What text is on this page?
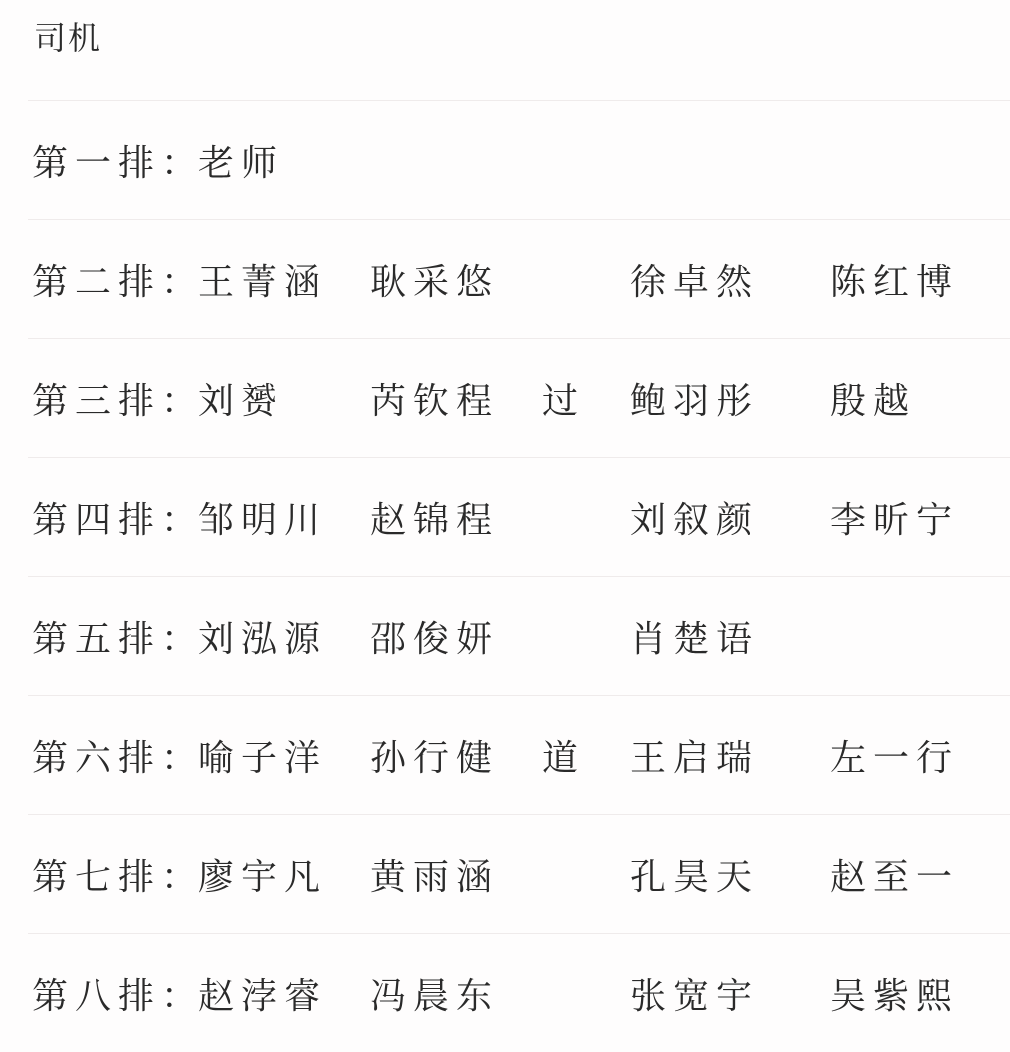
司机
第一排：
老师
第二排：
王菁涵 耿采悠	徐卓然 陈红博
第三排：
刘赟 芮钦程 过 鲍羽彤 殷越
第四排：
邹明川 赵锦程	刘叙颜 李昕宁
第五排：
刘泓源 邵俊妍	肖楚语
第六排：
喻子洋 孙行健 道 王启瑞 左一行
第七排：
廖宇凡 黄雨涵	孔昊天 赵至一
第八排：
赵浡睿 冯晨东	张宽宇 吴紫熙
